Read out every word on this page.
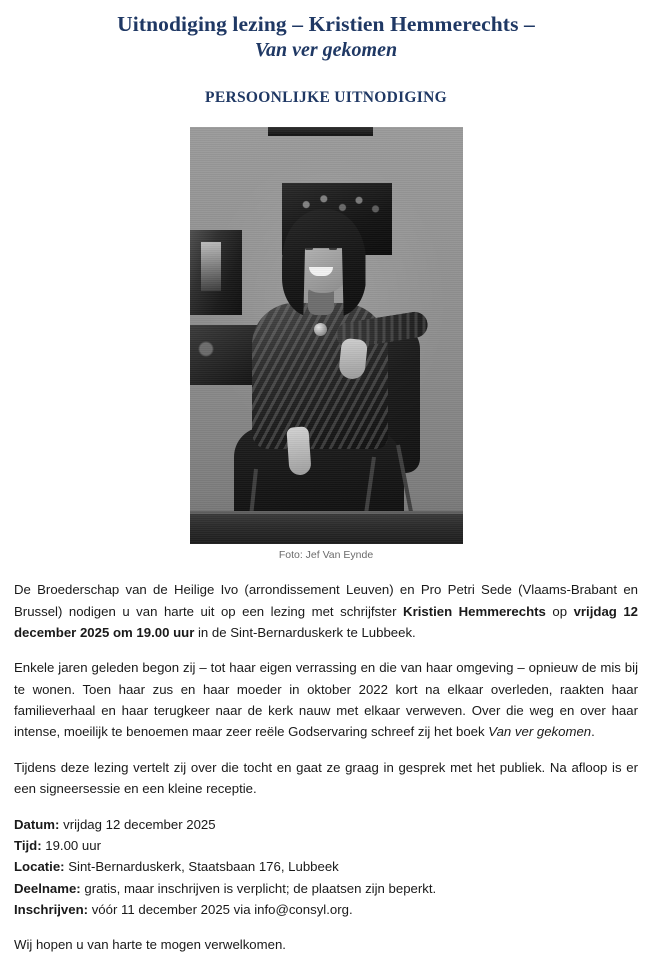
Uitnodiging lezing – Kristien Hemmerechts –
Van ver gekomen
PERSOONLIJKE UITNODIGING
Foto: Jef Van Eynde

De Broederschap van de Heilige Ivo (arrondissement Leuven) en Pro Petri Sede (Vlaams-Brabant en Brussel) nodigen u van harte uit op een lezing met schrijfster Kristien Hemmerechts op vrijdag 12 december 2025 om 19.00 uur in de Sint-Bernarduskerk te Lubbeek.

Enkele jaren geleden begon zij – tot haar eigen verrassing en die van haar omgeving – opnieuw de mis bij te wonen. Toen haar zus en haar moeder in oktober 2022 kort na elkaar overleden, raakten haar familieverhaal en haar terugkeer naar de kerk nauw met elkaar verweven. Over die weg en over haar intense, moeilijk te benoemen maar zeer reële Godservaring schreef zij het boek Van ver gekomen.

Tijdens deze lezing vertelt zij over die tocht en gaat ze graag in gesprek met het publiek. Na afloop is er een signeersessie en een kleine receptie.

Datum: vrijdag 12 december 2025
Tijd: 19.00 uur
Locatie: Sint-Bernarduskerk, Staatsbaan 176, Lubbeek
Deelname: gratis, maar inschrijven is verplicht; de plaatsen zijn beperkt.
Inschrijven: vóór 11 december 2025 via info@consyl.org.
Wij hopen u van harte te mogen verwelkomen.
